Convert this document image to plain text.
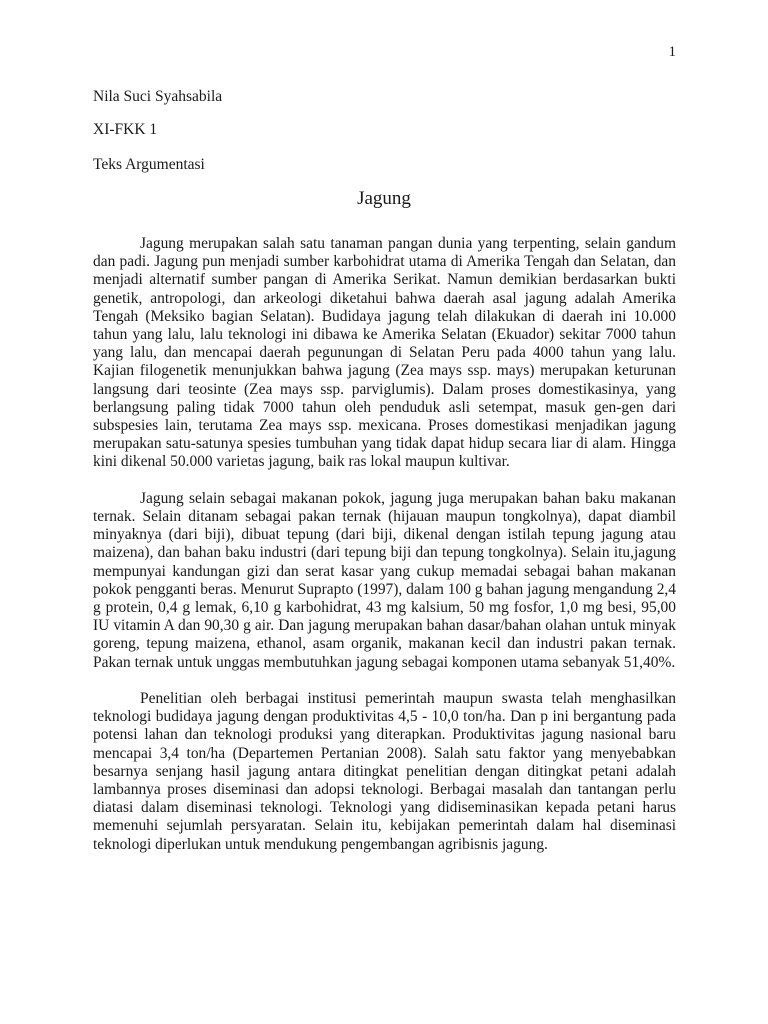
1
Nila Suci Syahsabila
XI-FKK 1
Teks Argumentasi
Jagung

Jagung merupakan salah satu tanaman pangan dunia yang terpenting, selain gandum dan padi. Jagung pun menjadi sumber karbohidrat utama di Amerika Tengah dan Selatan, dan menjadi alternatif sumber pangan di Amerika Serikat. Namun demikian berdasarkan bukti genetik, antropologi, dan arkeologi diketahui bahwa daerah asal jagung adalah Amerika Tengah (Meksiko bagian Selatan). Budidaya jagung telah dilakukan di daerah ini 10.000 tahun yang lalu, lalu teknologi ini dibawa ke Amerika Selatan (Ekuador) sekitar 7000 tahun yang lalu, dan mencapai daerah pegunungan di Selatan Peru pada 4000 tahun yang lalu. Kajian filogenetik menunjukkan bahwa jagung (Zea mays ssp. mays) merupakan keturunan langsung dari teosinte (Zea mays ssp. parviglumis). Dalam proses domestikasinya, yang berlangsung paling tidak 7000 tahun oleh penduduk asli setempat, masuk gen-gen dari subspesies lain, terutama Zea mays ssp. mexicana. Proses domestikasi menjadikan jagung merupakan satu-satunya spesies tumbuhan yang tidak dapat hidup secara liar di alam. Hingga kini dikenal 50.000 varietas jagung, baik ras lokal maupun kultivar.

Jagung selain sebagai makanan pokok, jagung juga merupakan bahan baku makanan ternak. Selain ditanam sebagai pakan ternak (hijauan maupun tongkolnya), dapat diambil minyaknya (dari biji), dibuat tepung (dari biji, dikenal dengan istilah tepung jagung atau maizena), dan bahan baku industri (dari tepung biji dan tepung tongkolnya). Selain itu,jagung mempunyai kandungan gizi dan serat kasar yang cukup memadai sebagai bahan makanan pokok pengganti beras. Menurut Suprapto (1997), dalam 100 g bahan jagung mengandung 2,4 g protein, 0,4 g lemak, 6,10 g karbohidrat, 43 mg kalsium, 50 mg fosfor, 1,0 mg besi, 95,00 IU vitamin A dan 90,30 g air. Dan jagung merupakan bahan dasar/bahan olahan untuk minyak goreng, tepung maizena, ethanol, asam organik, makanan kecil dan industri pakan ternak. Pakan ternak untuk unggas membutuhkan jagung sebagai komponen utama sebanyak 51,40%.

Penelitian oleh berbagai institusi pemerintah maupun swasta telah menghasilkan teknologi budidaya jagung dengan produktivitas 4,5 - 10,0 ton/ha. Dan p ini bergantung pada potensi lahan dan teknologi produksi yang diterapkan. Produktivitas jagung nasional baru mencapai 3,4 ton/ha (Departemen Pertanian 2008). Salah satu faktor yang menyebabkan besarnya senjang hasil jagung antara ditingkat penelitian dengan ditingkat petani adalah lambannya proses diseminasi dan adopsi teknologi. Berbagai masalah dan tantangan perlu diatasi dalam diseminasi teknologi. Teknologi yang didiseminasikan kepada petani harus memenuhi sejumlah persyaratan. Selain itu, kebijakan pemerintah dalam hal diseminasi teknologi diperlukan untuk mendukung pengembangan agribisnis jagung.
